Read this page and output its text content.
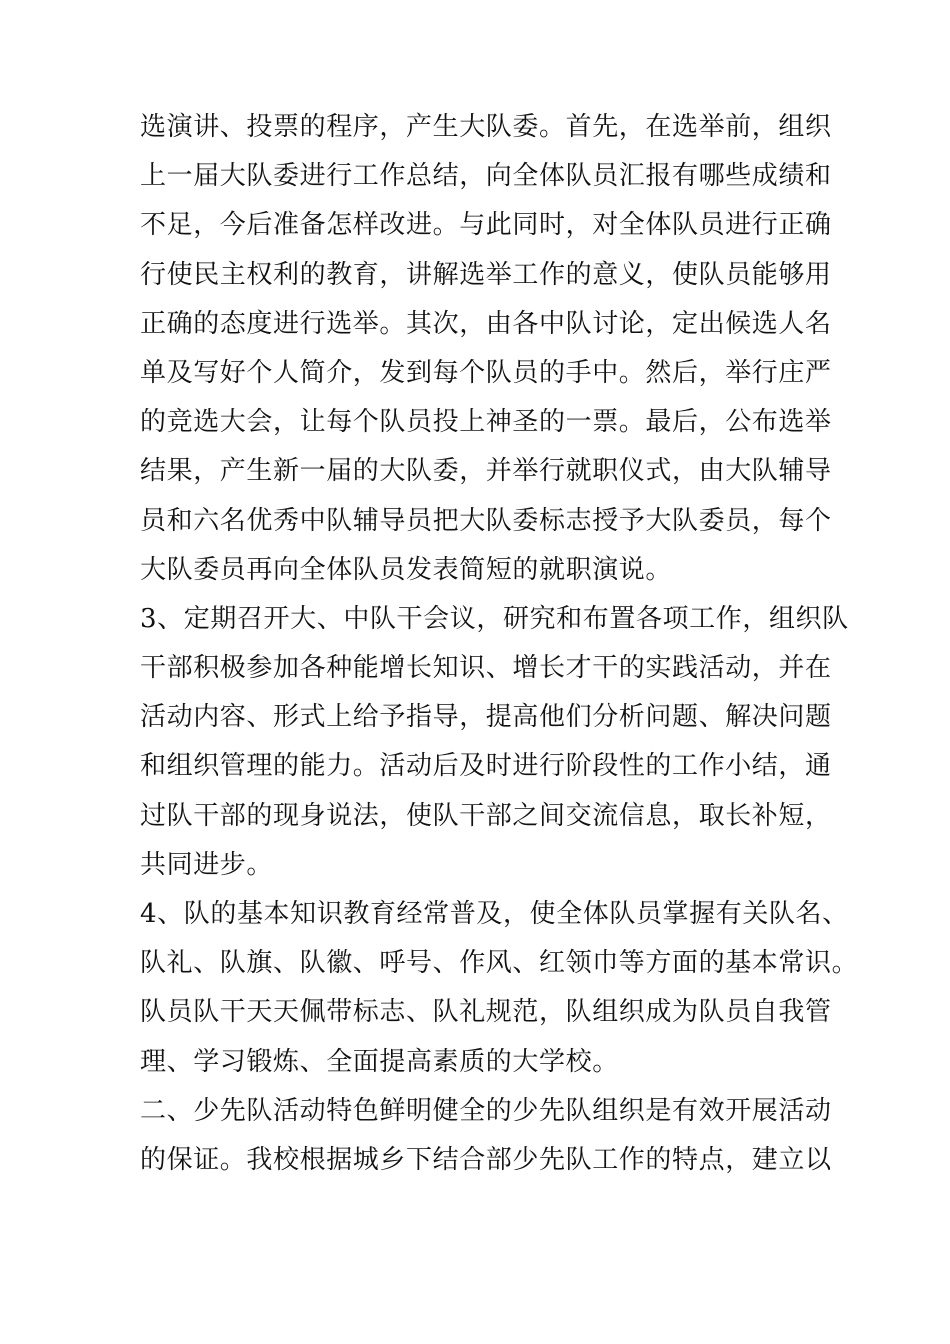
选演讲、投票的程序，产生大队委。首先，在选举前，组织

上一届大队委进行工作总结，向全体队员汇报有哪些成绩和

不足，今后准备怎样改进。与此同时，对全体队员进行正确

行使民主权利的教育，讲解选举工作的意义，使队员能够用

正确的态度进行选举。其次，由各中队讨论，定出候选人名

单及写好个人简介，发到每个队员的手中。然后，举行庄严

的竞选大会，让每个队员投上神圣的一票。最后，公布选举

结果，产生新一届的大队委，并举行就职仪式，由大队辅导

员和六名优秀中队辅导员把大队委标志授予大队委员，每个

大队委员再向全体队员发表简短的就职演说。

3、定期召开大、中队干会议，研究和布置各项工作，组织队

干部积极参加各种能增长知识、增长才干的实践活动，并在

活动内容、形式上给予指导，提高他们分析问题、解决问题

和组织管理的能力。活动后及时进行阶段性的工作小结，通

过队干部的现身说法，使队干部之间交流信息，取长补短，

共同进步。

4、队的基本知识教育经常普及，使全体队员掌握有关队名、

队礼、队旗、队徽、呼号、作风、红领巾等方面的基本常识。

队员队干天天佩带标志、队礼规范，队组织成为队员自我管

理、学习锻炼、全面提高素质的大学校。

二、少先队活动特色鲜明健全的少先队组织是有效开展活动

的保证。我校根据城乡下结合部少先队工作的特点，建立以
